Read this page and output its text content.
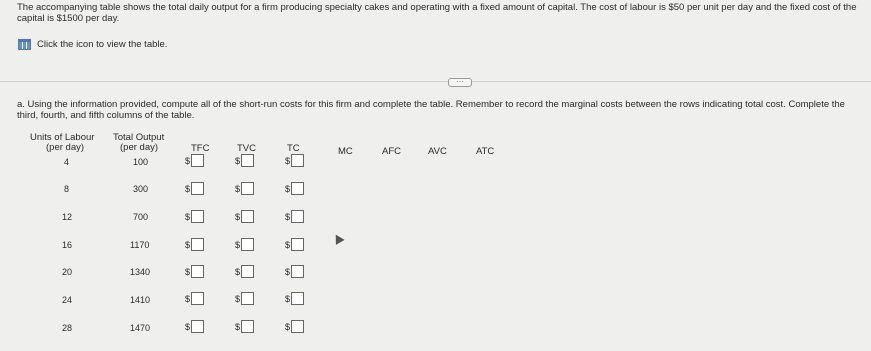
The accompanying table shows the total daily output for a firm producing specialty cakes and operating with a fixed amount of capital. The cost of labour is $50 per unit per day and the fixed cost of the capital is $1500 per day.
Click the icon to view the table.
···
a. Using the information provided, compute all of the short-run costs for this firm and complete the table. Remember to record the marginal costs between the rows indicating total cost. Complete the third, fourth, and fifth columns of the table.
Units of Labour
(per day)
Total Output
(per day)	TFC	TVC	TC	MC	AFC	AVC	ATC
4	100	$	$	$
8	300	$	$	$
12	700	$	$	$
16	1170	$	$	$
20	1340	$	$	$
24	1410	$	$	$
28	1470	$	$	$
